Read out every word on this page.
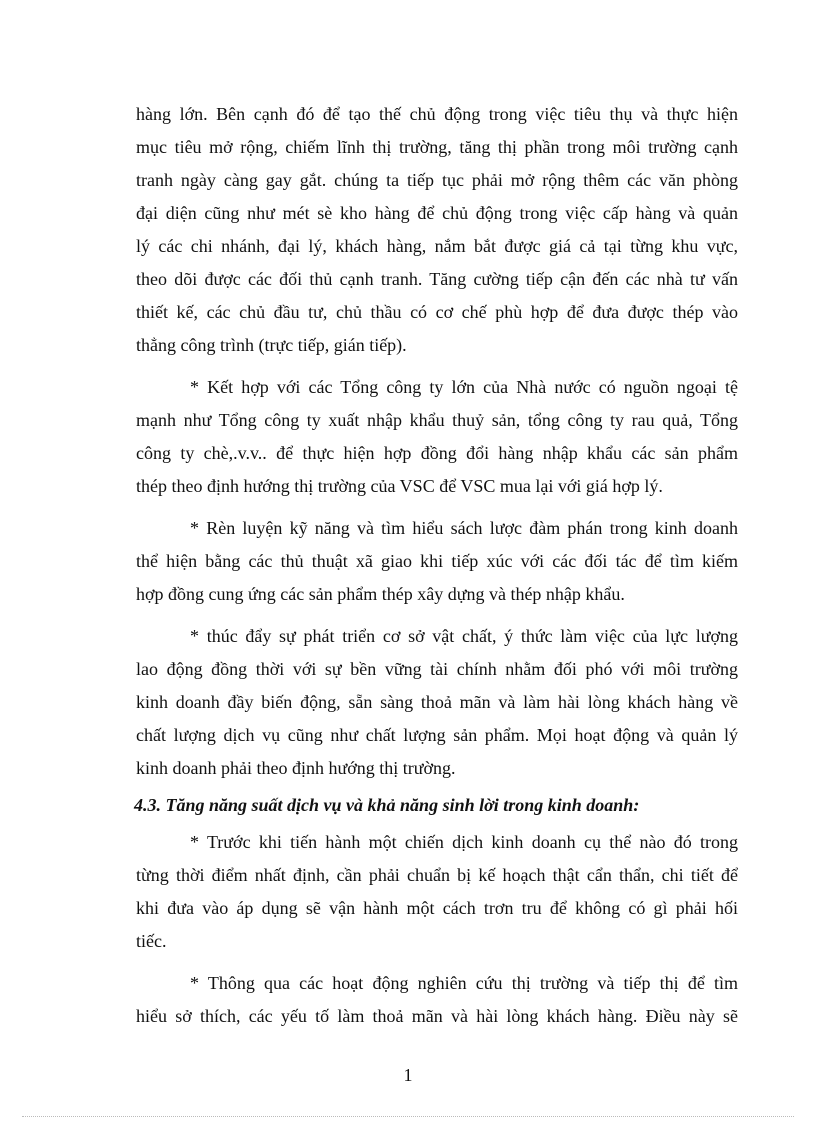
hàng lớn. Bên cạnh đó để tạo thế chủ động trong việc tiêu thụ và thực hiện
mục tiêu mở rộng, chiếm lĩnh thị trường, tăng thị phần trong môi trường cạnh
tranh ngày càng gay gắt. chúng ta tiếp tục phải mở rộng thêm các văn phòng
đại diện cũng như mét sè kho hàng để chủ động trong việc cấp hàng và quản
lý các chi nhánh, đại lý, khách hàng, nắm bắt được giá cả tại từng khu vực,
theo dõi được các đối thủ cạnh tranh. Tăng cường tiếp cận đến các nhà tư vấn
thiết kế, các chủ đầu tư, chủ thầu có cơ chế phù hợp để đưa được thép vào
thẳng công trình (trực tiếp, gián tiếp).
* Kết hợp với các Tổng công ty lớn của Nhà nước có nguồn ngoại tệ
mạnh như Tổng công ty xuất nhập khẩu thuỷ sản, tổng công ty rau quả, Tổng
công ty chè,.v.v.. để thực hiện hợp đồng đổi hàng nhập khẩu các sản phẩm
thép theo định hướng thị trường của VSC để VSC mua lại với giá hợp lý.
* Rèn luyện kỹ năng và tìm hiểu sách lược đàm phán trong kinh doanh
thể hiện bằng các thủ thuật xã giao khi tiếp xúc với các đối tác để tìm kiếm
hợp đồng cung ứng các sản phẩm thép xây dựng và thép nhập khẩu.
* thúc đẩy sự phát triển cơ sở vật chất, ý thức làm việc của lực lượng
lao động đồng thời với sự bền vững tài chính nhằm đối phó với môi trường
kinh doanh đầy biến động, sẵn sàng thoả mãn và làm hài lòng khách hàng về
chất lượng dịch vụ cũng như chất lượng sản phẩm. Mọi hoạt động và quản lý
kinh doanh phải theo định hướng thị trường.
4.3. Tăng năng suất dịch vụ và khả năng sinh lời trong kinh doanh:
* Trước khi tiến hành một chiến dịch kinh doanh cụ thể nào đó trong
từng thời điểm nhất định, cần phải chuẩn bị kế hoạch thật cẩn thẩn, chi tiết để
khi đưa vào áp dụng sẽ vận hành một cách trơn tru để không có gì phải hối
tiếc.
* Thông qua các hoạt động nghiên cứu thị trường và tiếp thị để tìm
hiểu sở thích, các yếu tố làm thoả mãn và hài lòng khách hàng. Điều này sẽ
1
